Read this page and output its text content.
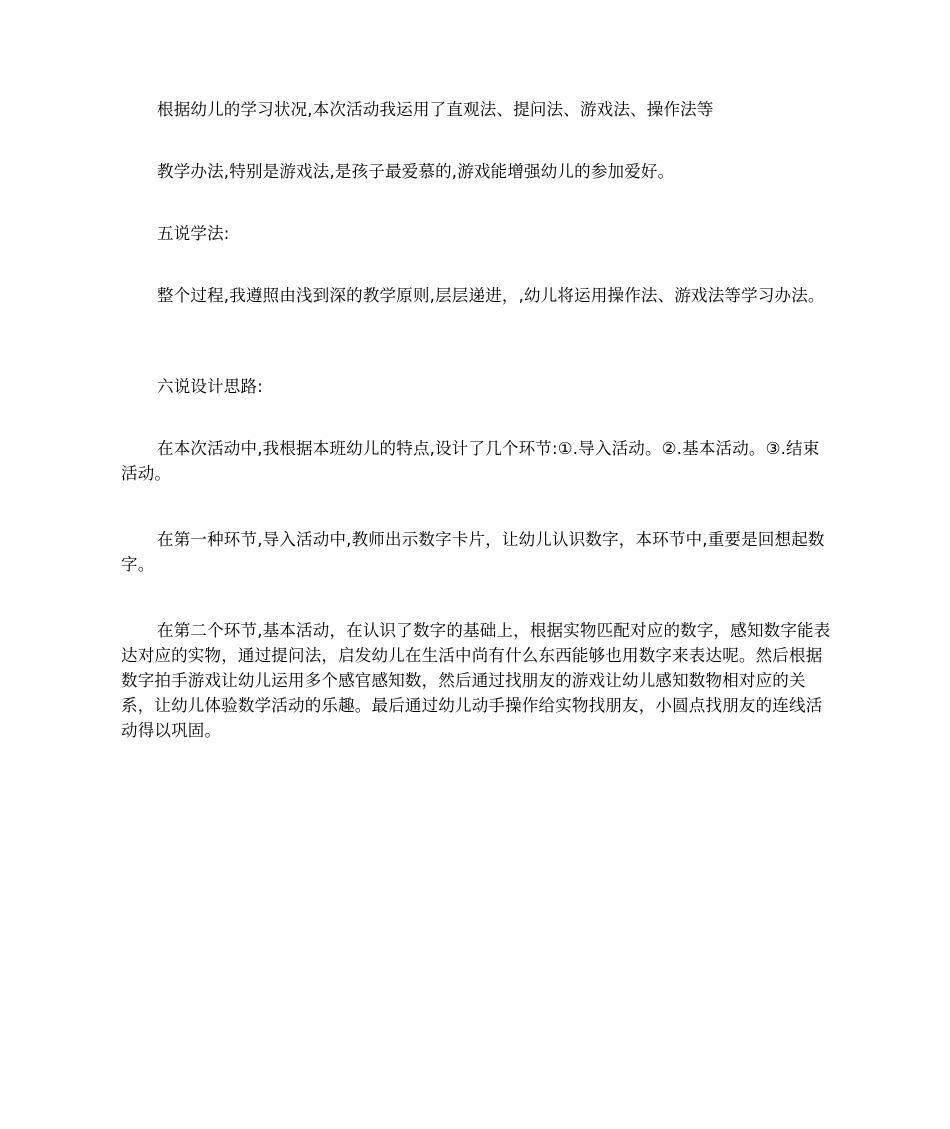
根据幼儿的学习状况,本次活动我运用了直观法、提问法、游戏法、操作法等

教学办法,特别是游戏法,是孩子最爱慕的,游戏能增强幼儿的参加爱好。

五说学法:

整个过程,我遵照由浅到深的教学原则,层层递进，,幼儿将运用操作法、游戏法等学习办法。

六说设计思路:

在本次活动中,我根据本班幼儿的特点,设计了几个环节:①.导入活动。②.基本活动。③.结束活动。

在第一种环节,导入活动中,教师出示数字卡片，让幼儿认识数字，本环节中,重要是回想起数字。

在第二个环节,基本活动，在认识了数字的基础上，根据实物匹配对应的数字，感知数字能表达对应的实物，通过提问法，启发幼儿在生活中尚有什么东西能够也用数字来表达呢。然后根据数字拍手游戏让幼儿运用多个感官感知数，然后通过找朋友的游戏让幼儿感知数物相对应的关系，让幼儿体验数学活动的乐趣。最后通过幼儿动手操作给实物找朋友，小圆点找朋友的连线活动得以巩固。
